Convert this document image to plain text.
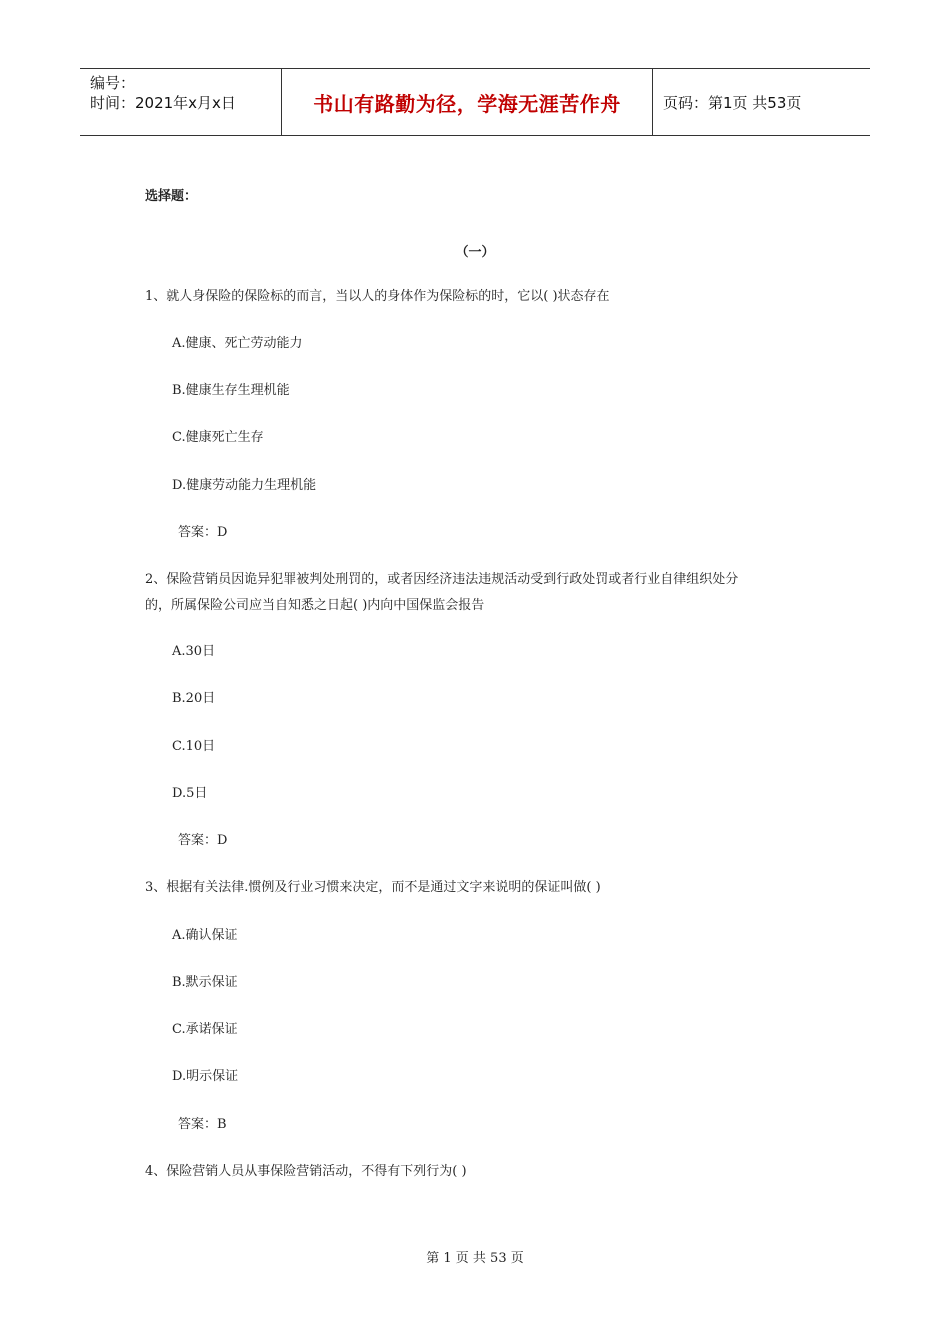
编号：
时间：2021年x月x日	书山有路勤为径，学海无涯苦作舟	页码：第1页 共53页
选择题：
（一）
1、就人身保险的保险标的而言，当以人的身体作为保险标的时，它以( )状态存在
A.健康、死亡劳动能力
B.健康生存生理机能
C.健康死亡生存
D.健康劳动能力生理机能
答案：D
2、保险营销员因诡异犯罪被判处刑罚的，或者因经济违法违规活动受到行政处罚或者行业自律组织处分
的，所属保险公司应当自知悉之日起( )内向中国保监会报告
A.30日
B.20日
C.10日
D.5日
答案：D
3、根据有关法律.惯例及行业习惯来决定，而不是通过文字来说明的保证叫做( )
A.确认保证
B.默示保证
C.承诺保证
D.明示保证
答案：B
4、保险营销人员从事保险营销活动，不得有下列行为( )
第 1 页 共 53 页
